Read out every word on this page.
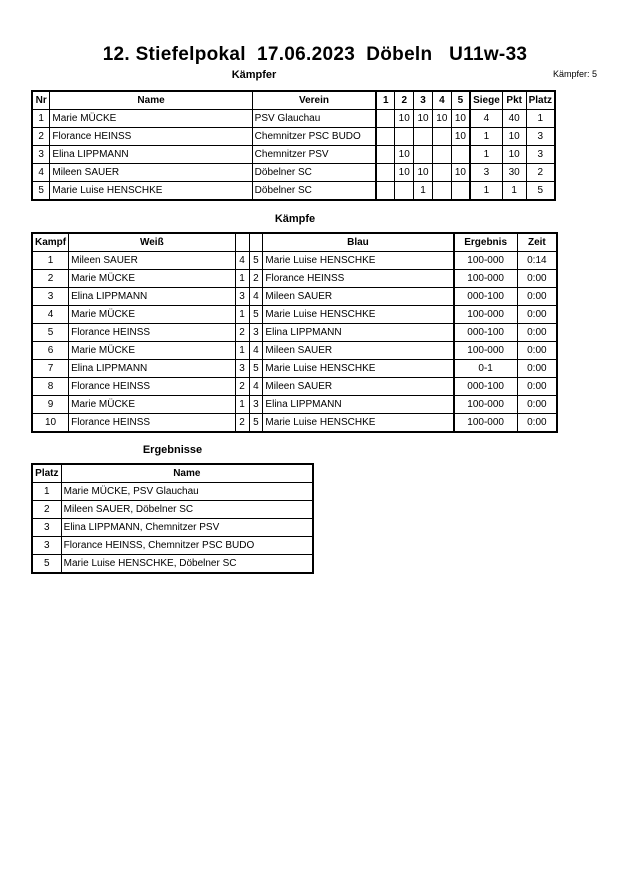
12. Stiefelpokal  17.06.2023  Döbeln   U11w-33
Kämpfer: 5
Kämpfer
Nr	Name	Verein	1	2	3	4	5	Siege	Pkt	Platz
1	Marie MÜCKE	PSV Glauchau		10	10	10	10	4	40	1
2	Florance HEINSS	Chemnitzer PSC BUDO					10	1	10	3
3	Elina LIPPMANN	Chemnitzer PSV		10				1	10	3
4	Mileen SAUER	Döbelner SC		10	10		10	3	30	2
5	Marie Luise HENSCHKE	Döbelner SC			1			1	1	5
Kämpfe
Kampf	Weiß			Blau	Ergebnis	Zeit
1	Mileen SAUER	4	5	Marie Luise HENSCHKE	100-000	0:14
2	Marie MÜCKE	1	2	Florance HEINSS	100-000	0:00
3	Elina LIPPMANN	3	4	Mileen SAUER	000-100	0:00
4	Marie MÜCKE	1	5	Marie Luise HENSCHKE	100-000	0:00
5	Florance HEINSS	2	3	Elina LIPPMANN	000-100	0:00
6	Marie MÜCKE	1	4	Mileen SAUER	100-000	0:00
7	Elina LIPPMANN	3	5	Marie Luise HENSCHKE	0-1	0:00
8	Florance HEINSS	2	4	Mileen SAUER	000-100	0:00
9	Marie MÜCKE	1	3	Elina LIPPMANN	100-000	0:00
10	Florance HEINSS	2	5	Marie Luise HENSCHKE	100-000	0:00
Ergebnisse
Platz	Name
1	Marie MÜCKE, PSV Glauchau
2	Mileen SAUER, Döbelner SC
3	Elina LIPPMANN, Chemnitzer PSV
3	Florance HEINSS, Chemnitzer PSC BUDO
5	Marie Luise HENSCHKE, Döbelner SC
